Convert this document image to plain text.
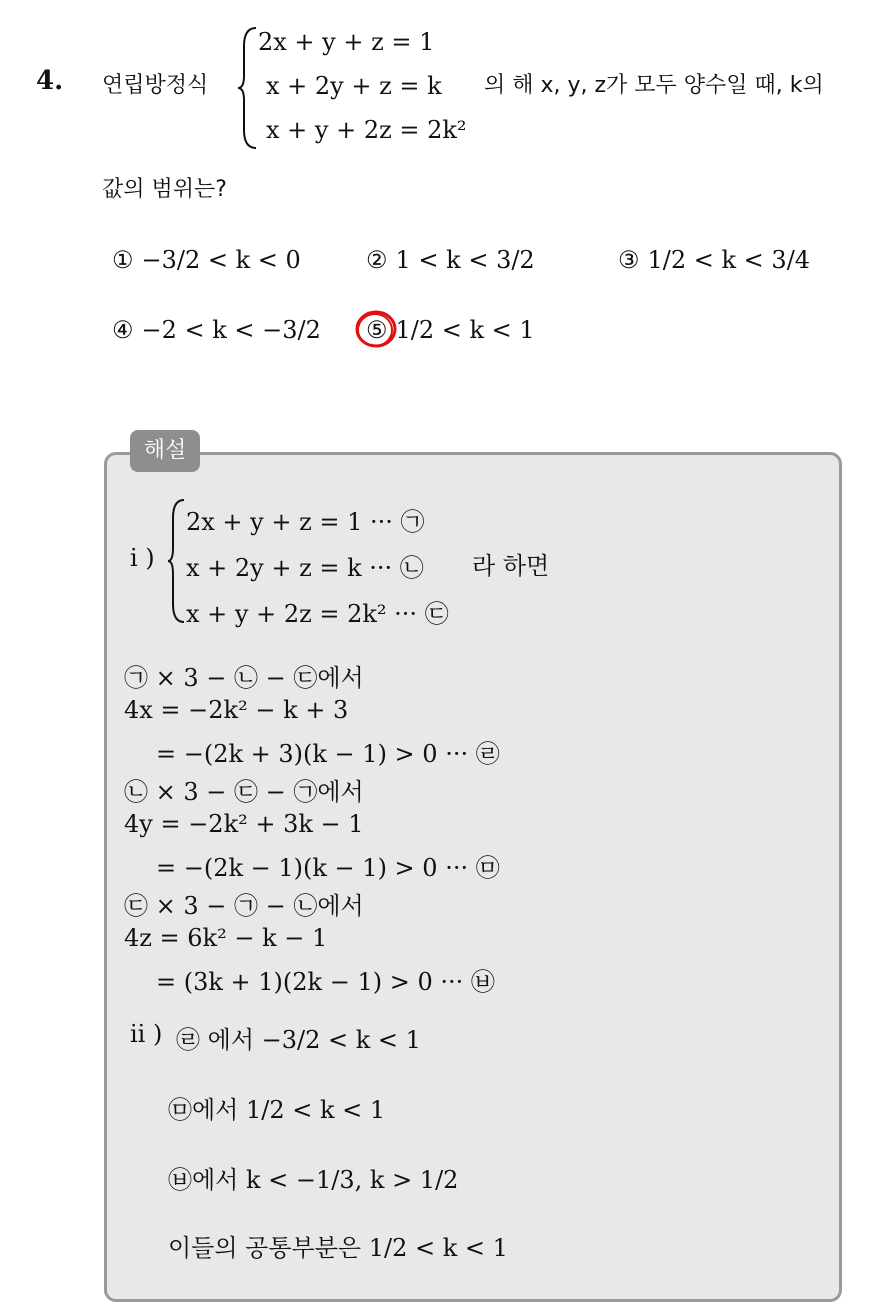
4. 연립방정식
2x + y + z = 1
x + 2y + z = k
x + y + 2z = 2k²
의 해 x, y, z가 모두 양수일 때, k의
값의 범위는?
① −3/2 < k < 0	② 1 < k < 3/2	③ 1/2 < k < 3/4
④ −2 < k < −3/2 ⑤ 1/2 < k < 1
해설
i )
2x + y + z = 1 ··· ㉠
x + 2y + z = k ··· ㉡
x + y + 2z = 2k² ··· ㉢
라 하면
㉠ × 3 − ㉡ − ㉢에서
4x = −2k² − k + 3
= −(2k + 3)(k − 1) > 0 ··· ㉣
㉡ × 3 − ㉢ − ㉠에서
4y = −2k² + 3k − 1
= −(2k − 1)(k − 1) > 0 ··· ㉤
㉢ × 3 − ㉠ − ㉡에서
4z = 6k² − k − 1
= (3k + 1)(2k − 1) > 0 ··· ㉥
ii ) ㉣ 에서 −3/2 < k < 1
㉤에서 1/2 < k < 1
㉥에서 k < −1/3, k > 1/2
이들의 공통부분은 1/2 < k < 1
